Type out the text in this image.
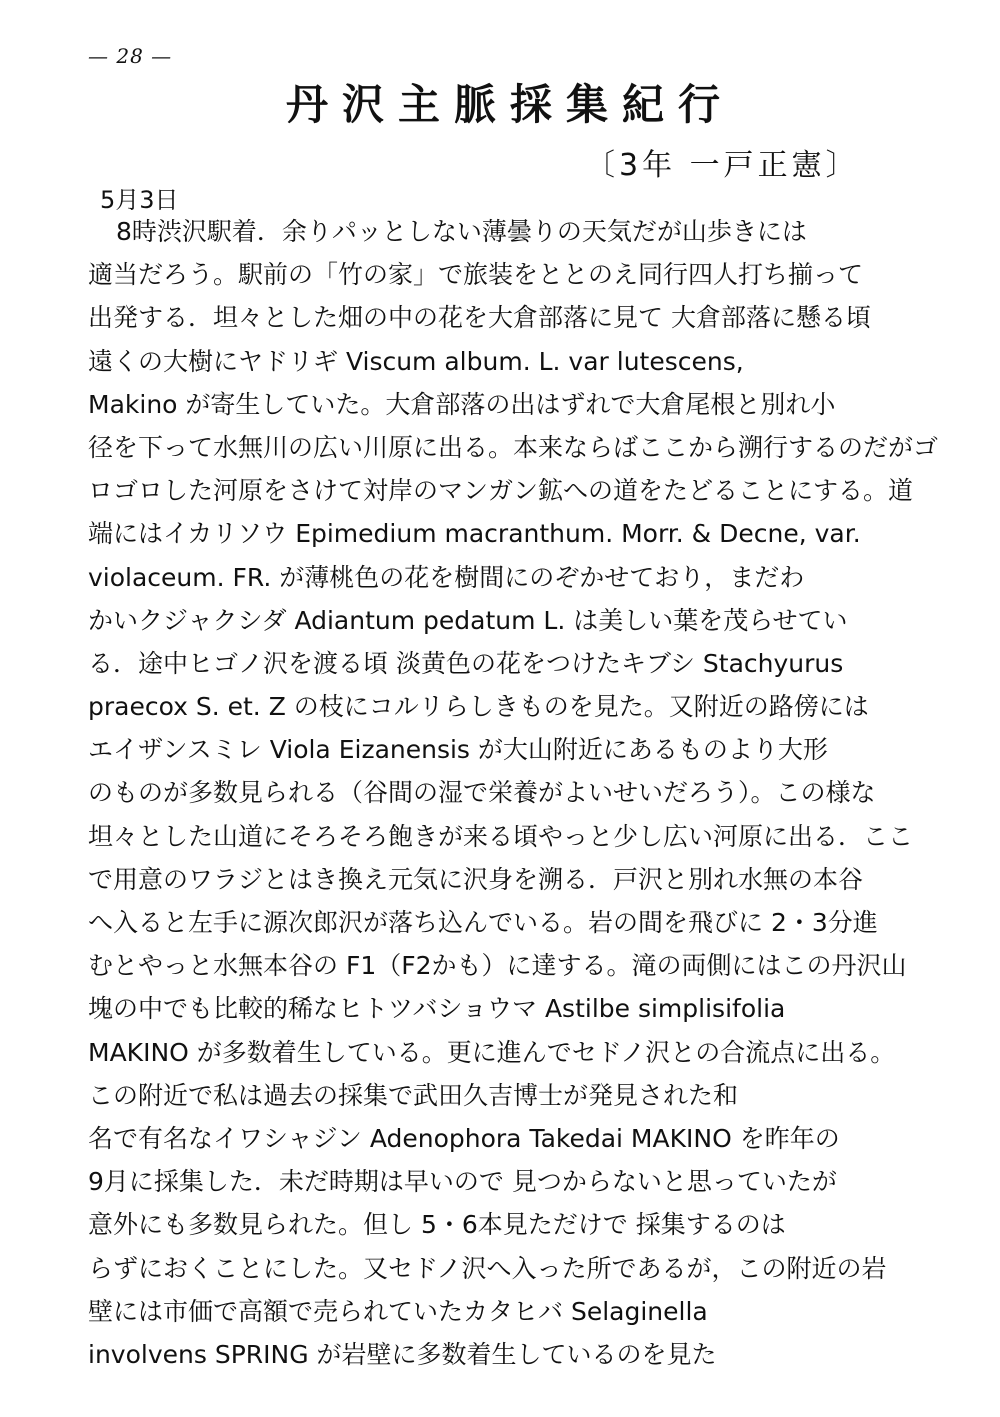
— 28 —
丹沢主脈採集紀行
〔3年 一戸正憲〕
5月3日
8時渋沢駅着．余りパッとしない薄曇りの天気だが山歩きには
適当だろう。駅前の「竹の家」で旅装をととのえ同行四人打ち揃って
出発する．坦々とした畑の中の花を大倉部落に見て 大倉部落に懸る頃
遠くの大樹にヤドリギ Viscum album. L. var lutescens,
Makino が寄生していた。大倉部落の出はずれで大倉尾根と別れ小
径を下って水無川の広い川原に出る。本来ならばここから溯行するのだがゴ
ロゴロした河原をさけて対岸のマンガン鉱への道をたどることにする。道
端にはイカリソウ Epimedium macranthum. Morr. & Decne, var.
violaceum. FR. が薄桃色の花を樹間にのぞかせており，まだわ
かいクジャクシダ Adiantum pedatum L. は美しい葉を茂らせてい
る．途中ヒゴノ沢を渡る頃 淡黄色の花をつけたキブシ Stachyurus
praecox S. et. Z の枝にコルリらしきものを見た。又附近の路傍には
エイザンスミレ Viola Eizanensis が大山附近にあるものより大形
のものが多数見られる（谷間の湿で栄養がよいせいだろう）。この様な
坦々とした山道にそろそろ飽きが来る頃やっと少し広い河原に出る．ここ
で用意のワラジとはき換え元気に沢身を溯る．戸沢と別れ水無の本谷
へ入ると左手に源次郎沢が落ち込んでいる。岩の間を飛びに 2・3分進
むとやっと水無本谷の F1（F2かも）に達する。滝の両側にはこの丹沢山
塊の中でも比較的稀なヒトツバショウマ Astilbe simplisifolia
MAKINO が多数着生している。更に進んでセドノ沢との合流点に出る。
この附近で私は過去の採集で武田久吉博士が発見された和
名で有名なイワシャジン Adenophora Takedai MAKINO を昨年の
9月に採集した．未だ時期は早いので 見つからないと思っていたが
意外にも多数見られた。但し 5・6本見ただけで 採集するのは
らずにおくことにした。又セドノ沢へ入った所であるが，この附近の岩
壁には市価で高額で売られていたカタヒバ Selaginella
involvens SPRING が岩壁に多数着生しているのを見た
